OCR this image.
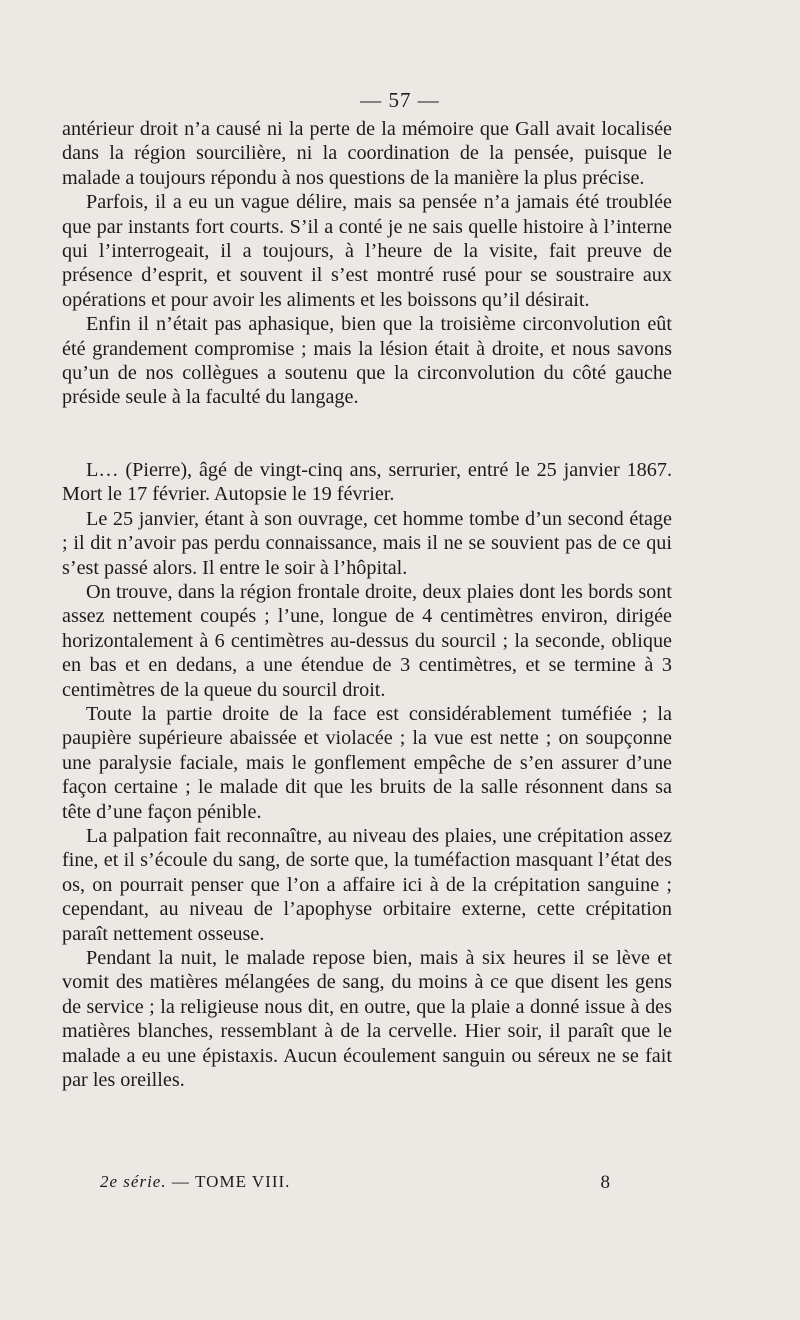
— 57 —

antérieur droit n’a causé ni la perte de la mémoire que Gall avait localisée dans la région sourcilière, ni la coordination de la pensée, puisque le malade a toujours répondu à nos questions de la manière la plus précise.

Parfois, il a eu un vague délire, mais sa pensée n’a jamais été troublée que par instants fort courts. S’il a conté je ne sais quelle histoire à l’interne qui l’interrogeait, il a toujours, à l’heure de la visite, fait preuve de présence d’esprit, et souvent il s’est montré rusé pour se soustraire aux opérations et pour avoir les aliments et les boissons qu’il désirait.

Enfin il n’était pas aphasique, bien que la troisième circonvolution eût été grandement compromise ; mais la lésion était à droite, et nous savons qu’un de nos collègues a soutenu que la circonvolution du côté gauche préside seule à la faculté du langage.

L… (Pierre), âgé de vingt-cinq ans, serrurier, entré le 25 janvier 1867. Mort le 17 février. Autopsie le 19 février.

Le 25 janvier, étant à son ouvrage, cet homme tombe d’un second étage ; il dit n’avoir pas perdu connaissance, mais il ne se souvient pas de ce qui s’est passé alors. Il entre le soir à l’hôpital.

On trouve, dans la région frontale droite, deux plaies dont les bords sont assez nettement coupés ; l’une, longue de 4 centimètres environ, dirigée horizontalement à 6 centimètres au-dessus du sourcil ; la seconde, oblique en bas et en dedans, a une étendue de 3 centimètres, et se termine à 3 centimètres de la queue du sourcil droit.

Toute la partie droite de la face est considérablement tuméfiée ; la paupière supérieure abaissée et violacée ; la vue est nette ; on soupçonne une paralysie faciale, mais le gonflement empêche de s’en assurer d’une façon certaine ; le malade dit que les bruits de la salle résonnent dans sa tête d’une façon pénible.

La palpation fait reconnaître, au niveau des plaies, une crépitation assez fine, et il s’écoule du sang, de sorte que, la tuméfaction masquant l’état des os, on pourrait penser que l’on a affaire ici à de la crépitation sanguine ; cependant, au niveau de l’apophyse orbitaire externe, cette crépitation paraît nettement osseuse.

Pendant la nuit, le malade repose bien, mais à six heures il se lève et vomit des matières mélangées de sang, du moins à ce que disent les gens de service ; la religieuse nous dit, en outre, que la plaie a donné issue à des matières blanches, ressemblant à de la cervelle. Hier soir, il paraît que le malade a eu une épistaxis. Aucun écoulement sanguin ou séreux ne se fait par les oreilles.

2e série. — TOME VIII.	8
